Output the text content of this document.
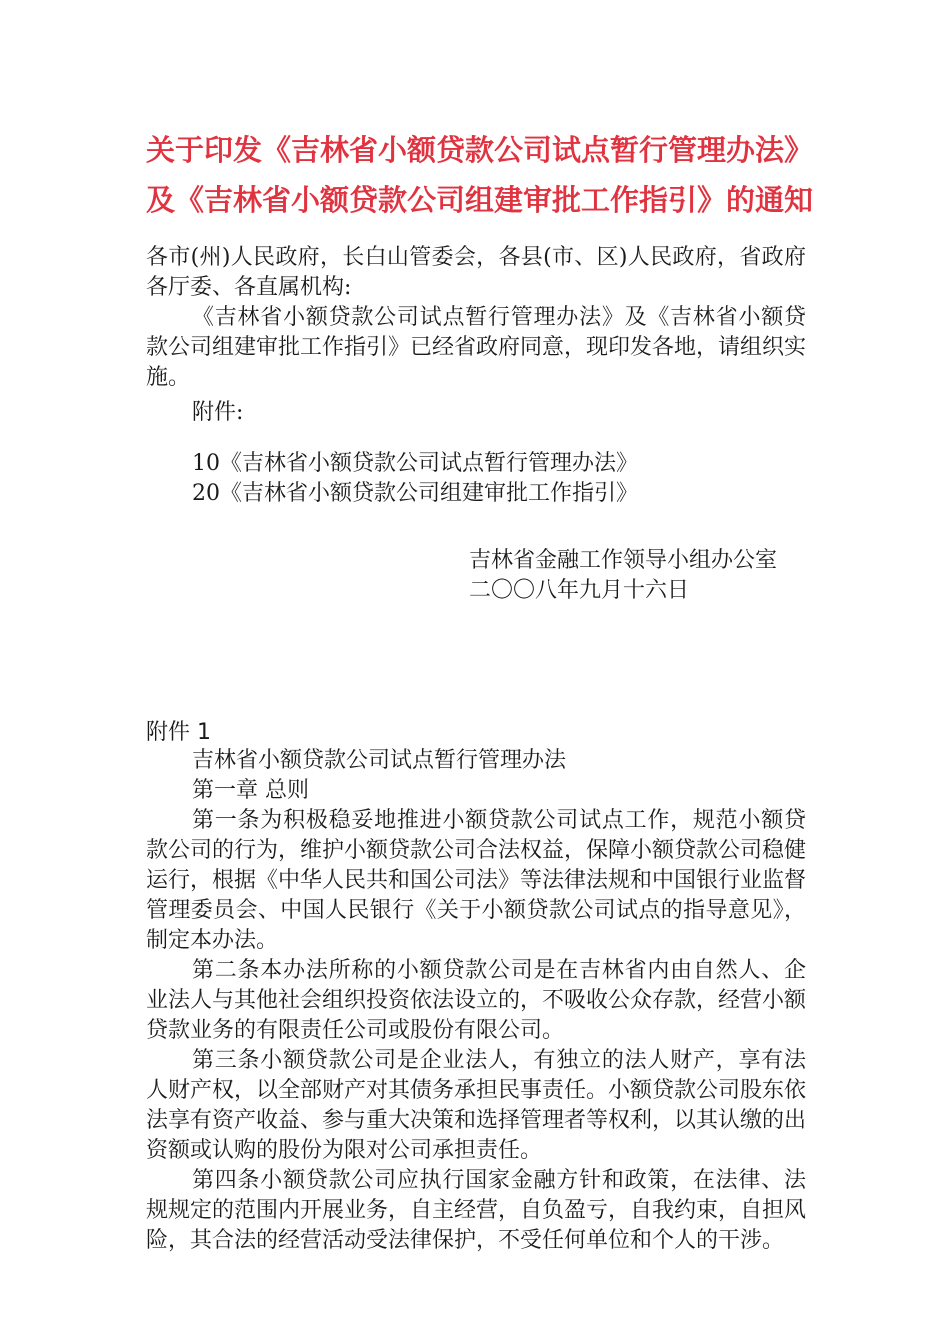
关于印发《吉林省小额贷款公司试点暂行管理办法》
及《吉林省小额贷款公司组建审批工作指引》的通知

各市(州)人民政府，长白山管委会，各县(市、区)人民政府，省政府各厅委、各直属机构:

《吉林省小额贷款公司试点暂行管理办法》及《吉林省小额贷款公司组建审批工作指引》已经省政府同意，现印发各地，请组织实施。

附件:
10《吉林省小额贷款公司试点暂行管理办法》
20《吉林省小额贷款公司组建审批工作指引》
吉林省金融工作领导小组办公室
二〇〇八年九月十六日
附件 1
吉林省小额贷款公司试点暂行管理办法
第一章 总则

第一条为积极稳妥地推进小额贷款公司试点工作，规范小额贷款公司的行为，维护小额贷款公司合法权益，保障小额贷款公司稳健运行，根据《中华人民共和国公司法》等法律法规和中国银行业监督管理委员会、中国人民银行《关于小额贷款公司试点的指导意见》，制定本办法。

第二条本办法所称的小额贷款公司是在吉林省内由自然人、企业法人与其他社会组织投资依法设立的，不吸收公众存款，经营小额贷款业务的有限责任公司或股份有限公司。

第三条小额贷款公司是企业法人，有独立的法人财产，享有法人财产权，以全部财产对其债务承担民事责任。小额贷款公司股东依法享有资产收益、参与重大决策和选择管理者等权利，以其认缴的出资额或认购的股份为限对公司承担责任。

第四条小额贷款公司应执行国家金融方针和政策，在法律、法规规定的范围内开展业务，自主经营，自负盈亏，自我约束，自担风险，其合法的经营活动受法律保护，不受任何单位和个人的干涉。
